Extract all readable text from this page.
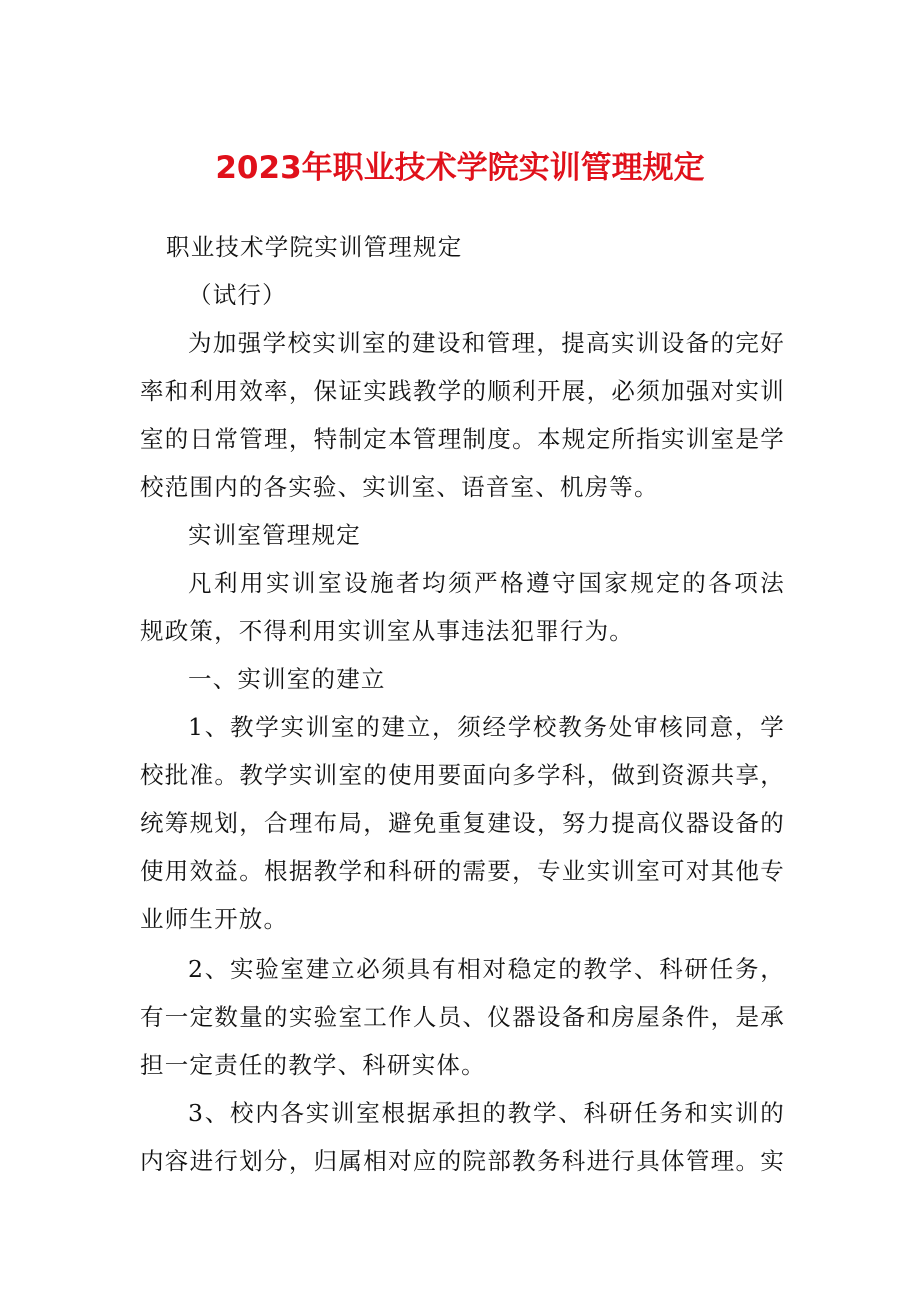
2023年职业技术学院实训管理规定
职业技术学院实训管理规定
（试行）
为加强学校实训室的建设和管理，提高实训设备的完好
率和利用效率，保证实践教学的顺利开展，必须加强对实训
室的日常管理，特制定本管理制度。本规定所指实训室是学
校范围内的各实验、实训室、语音室、机房等。
实训室管理规定
凡利用实训室设施者均须严格遵守国家规定的各项法
规政策，不得利用实训室从事违法犯罪行为。
一、实训室的建立
1、教学实训室的建立，须经学校教务处审核同意，学
校批准。教学实训室的使用要面向多学科，做到资源共享，
统筹规划，合理布局，避免重复建设，努力提高仪器设备的
使用效益。根据教学和科研的需要，专业实训室可对其他专
业师生开放。
2、实验室建立必须具有相对稳定的教学、科研任务，
有一定数量的实验室工作人员、仪器设备和房屋条件，是承
担一定责任的教学、科研实体。
3、校内各实训室根据承担的教学、科研任务和实训的
内容进行划分，归属相对应的院部教务科进行具体管理。实
